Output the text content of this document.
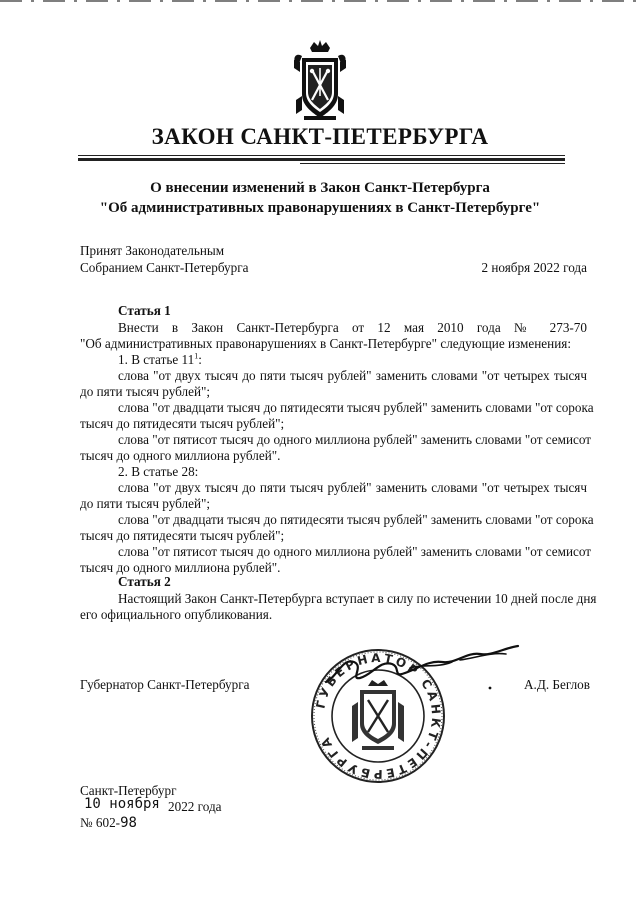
ЗАКОН САНКТ-ПЕТЕРБУРГА
О внесении изменений в Закон Санкт-Петербурга
"Об административных правонарушениях в Санкт-Петербурге"
Принят Законодательным
Собранием Санкт-Петербурга	2 ноября 2022 года
Статья 1
Внести в Закон Санкт-Петербурга от 12 мая 2010 года № 273-70
"Об административных правонарушениях в Санкт-Петербурге" следующие изменения:
1. В статье $11^1$:
слова "от двух тысяч до пяти тысяч рублей" заменить словами "от четырех тысяч
до пяти тысяч рублей";
слова "от двадцати тысяч до пятидесяти тысяч рублей" заменить словами "от сорока
тысяч до пятидесяти тысяч рублей";
слова "от пятисот тысяч до одного миллиона рублей" заменить словами "от семисот
тысяч до одного миллиона рублей".
2. В статье 28:
слова "от двух тысяч до пяти тысяч рублей" заменить словами "от четырех тысяч
до пяти тысяч рублей";
слова "от двадцати тысяч до пятидесяти тысяч рублей" заменить словами "от сорока
тысяч до пятидесяти тысяч рублей";
слова "от пятисот тысяч до одного миллиона рублей" заменить словами "от семисот
тысяч до одного миллиона рублей".
Статья 2
Настоящий Закон Санкт-Петербурга вступает в силу по истечении 10 дней после дня
его официального опубликования.
Губернатор Санкт-Петербурга	А.Д. Беглов
ГУБЕРНАТОР САНКТ-ПЕТЕРБУРГА
Санкт-Петербург
10 ноября 2022 года
№ 602-98
